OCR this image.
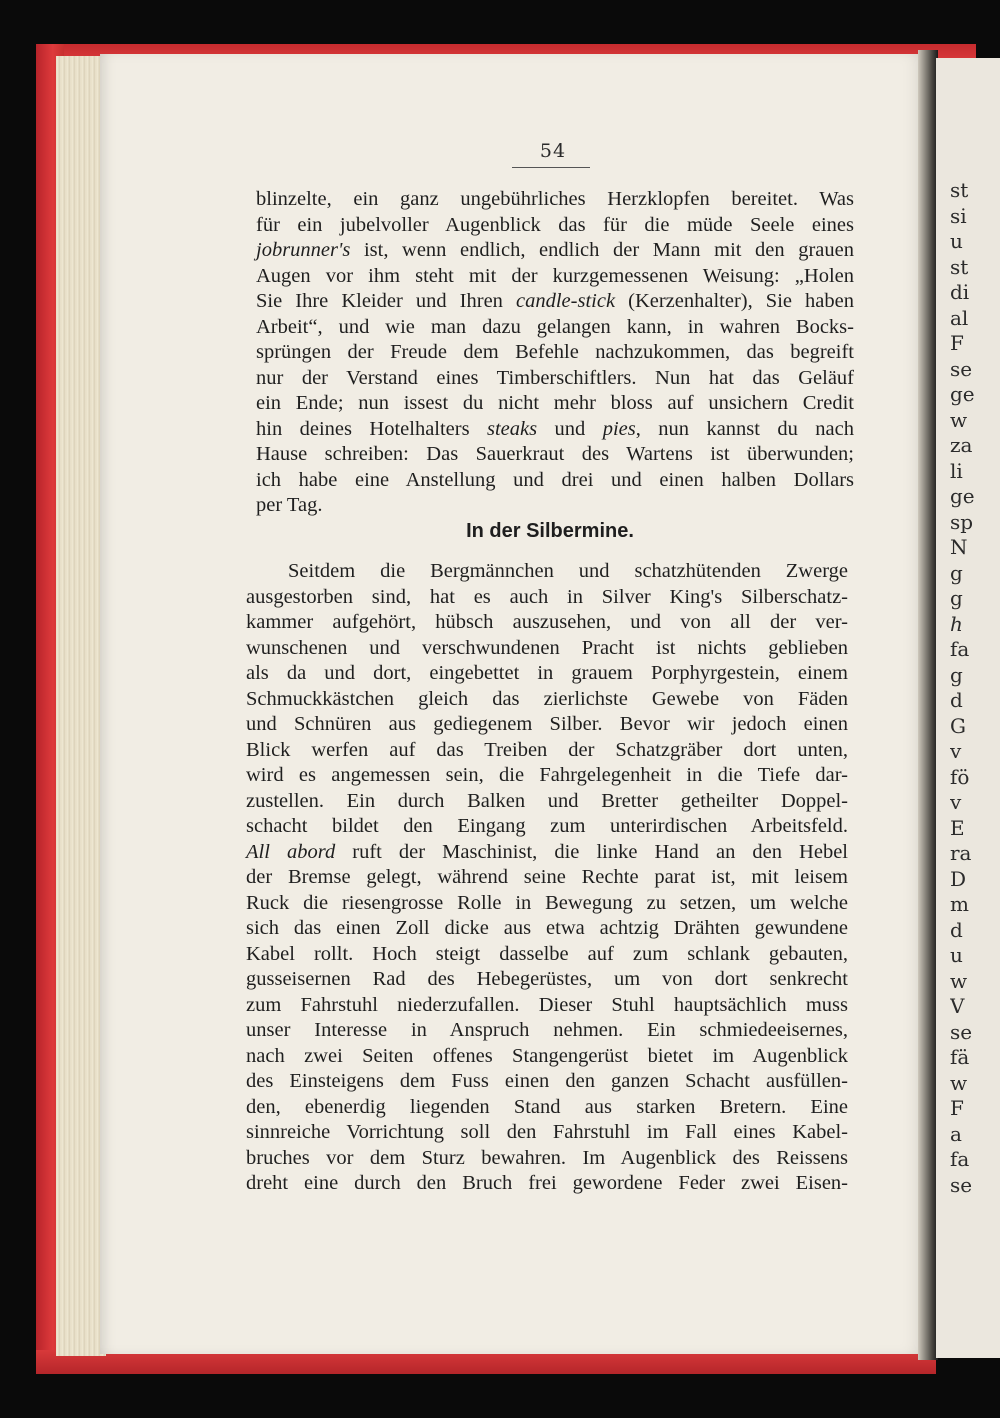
st
si
u
st
di
al
F
se
ge
w
za
li
ge
sp
N
g
g
h
fa
g
d
G
v
fö
v
E
ra
D
m
d
u
w
V
se
fä
w
F
a
fa
se
54
blinzelte, ein ganz ungebührliches Herzklopfen bereitet. Was
für ein jubelvoller Augenblick das für die müde Seele eines
jobrunner's ist, wenn endlich, endlich der Mann mit den grauen
Augen vor ihm steht mit der kurzgemessenen Weisung: „Holen
Sie Ihre Kleider und Ihren candle-stick (Kerzenhalter), Sie haben
Arbeit“, und wie man dazu gelangen kann, in wahren Bocks-
sprüngen der Freude dem Befehle nachzukommen, das begreift
nur der Verstand eines Timberschiftlers. Nun hat das Geläuf
ein Ende; nun issest du nicht mehr bloss auf unsichern Credit
hin deines Hotelhalters steaks und pies, nun kannst du nach
Hause schreiben: Das Sauerkraut des Wartens ist überwunden;
ich habe eine Anstellung und drei und einen halben Dollars
per Tag.
In der Silbermine.
Seitdem die Bergmännchen und schatzhütenden Zwerge
ausgestorben sind, hat es auch in Silver King's Silberschatz-
kammer aufgehört, hübsch auszusehen, und von all der ver-
wunschenen und verschwundenen Pracht ist nichts geblieben
als da und dort, eingebettet in grauem Porphyrgestein, einem
Schmuckkästchen gleich das zierlichste Gewebe von Fäden
und Schnüren aus gediegenem Silber. Bevor wir jedoch einen
Blick werfen auf das Treiben der Schatzgräber dort unten,
wird es angemessen sein, die Fahrgelegenheit in die Tiefe dar-
zustellen. Ein durch Balken und Bretter getheilter Doppel-
schacht bildet den Eingang zum unterirdischen Arbeitsfeld.
All abord ruft der Maschinist, die linke Hand an den Hebel
der Bremse gelegt, während seine Rechte parat ist, mit leisem
Ruck die riesengrosse Rolle in Bewegung zu setzen, um welche
sich das einen Zoll dicke aus etwa achtzig Drähten gewundene
Kabel rollt. Hoch steigt dasselbe auf zum schlank gebauten,
gusseisernen Rad des Hebegerüstes, um von dort senkrecht
zum Fahrstuhl niederzufallen. Dieser Stuhl hauptsächlich muss
unser Interesse in Anspruch nehmen. Ein schmiedeeisernes,
nach zwei Seiten offenes Stangengerüst bietet im Augenblick
des Einsteigens dem Fuss einen den ganzen Schacht ausfüllen-
den, ebenerdig liegenden Stand aus starken Bretern. Eine
sinnreiche Vorrichtung soll den Fahrstuhl im Fall eines Kabel-
bruches vor dem Sturz bewahren. Im Augenblick des Reissens
dreht eine durch den Bruch frei gewordene Feder zwei Eisen-
